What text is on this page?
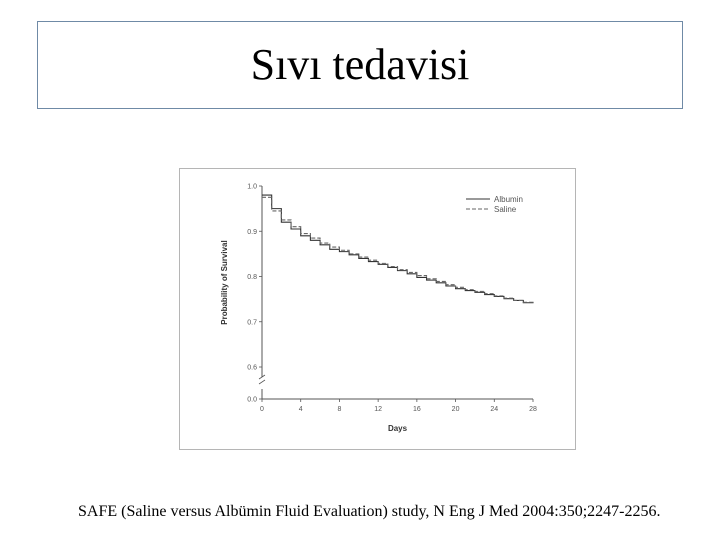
Sıvı tedavisi
0.0
0.6
0.7
0.8
0.9
1.0
0	4	8	12	16	20	24	28
Albumin
Saline
Days
Probability of Survival
SAFE (Saline versus Albümin Fluid Evaluation) study, N Eng J Med 2004:350;2247-2256.
